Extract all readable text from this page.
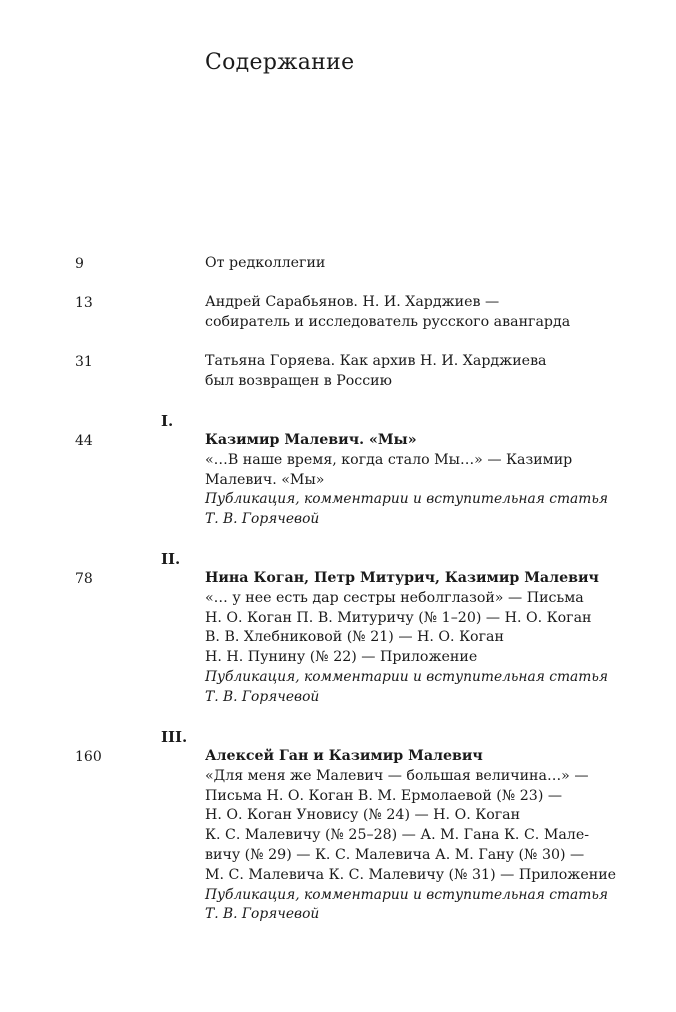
Содержание
9	От редколлегии
13	Андрей Сарабьянов. Н. И. Харджиев —
собиратель и исследователь русского авангарда
31	Татьяна Горяева. Как архив Н. И. Харджиева
был возвращен в Россию
I.
44	Казимир Малевич. «Мы»
«…В наше время, когда стало Мы…» — Казимир
Малевич. «Мы»
Публикация, комментарии и вступительная статья
Т. В. Горячевой
II.
78	Нина Коган, Петр Митурич, Казимир Малевич
«… у нее есть дар сестры неболглазой» — Письма
Н. О. Коган П. В. Митуричу (№ 1–20) — Н. О. Коган
В. В. Хлебниковой (№ 21) — Н. О. Коган
Н. Н. Пунину (№ 22) — Приложение
Публикация, комментарии и вступительная статья
Т. В. Горячевой
III.
160	Алексей Ган и Казимир Малевич
«Для меня же Малевич — большая величина…» —
Письма Н. О. Коган В. М. Ермолаевой (№ 23) —
Н. О. Коган Уновису (№ 24) — Н. О. Коган
К. С. Малевичу (№ 25–28) — А. М. Гана К. С. Мале-
вичу (№ 29) — К. С. Малевича А. М. Гану (№ 30) —
М. С. Малевича К. С. Малевичу (№ 31) — Приложение
Публикация, комментарии и вступительная статья
Т. В. Горячевой
